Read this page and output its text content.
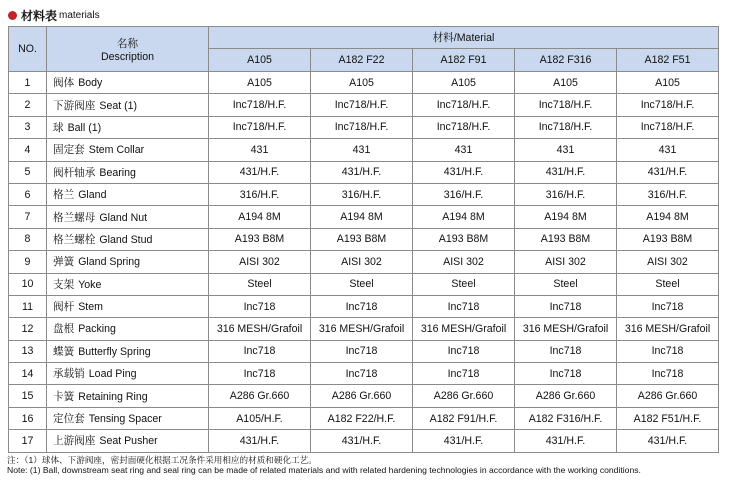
材料表 materials
NO.	名称
Description	材料/Material				
		A105	A182 F22	A182 F91	A182 F316	A182 F51
1	阀体 Body	A105	A105	A105	A105	A105
2	下游阀座 Seat (1)	Inc718/H.F.	Inc718/H.F.	Inc718/H.F.	Inc718/H.F.	Inc718/H.F.
3	球 Ball (1)	Inc718/H.F.	Inc718/H.F.	Inc718/H.F.	Inc718/H.F.	Inc718/H.F.
4	固定套 Stem Collar	431	431	431	431	431
5	阀杆轴承 Bearing	431/H.F.	431/H.F.	431/H.F.	431/H.F.	431/H.F.
6	格兰 Gland	316/H.F.	316/H.F.	316/H.F.	316/H.F.	316/H.F.
7	格兰螺母 Gland Nut	A194 8M	A194 8M	A194 8M	A194 8M	A194 8M
8	格兰螺栓 Gland Stud	A193 B8M	A193 B8M	A193 B8M	A193 B8M	A193 B8M
9	弹簧 Gland Spring	AISI 302	AISI 302	AISI 302	AISI 302	AISI 302
10	支架 Yoke	Steel	Steel	Steel	Steel	Steel
11	阀杆 Stem	Inc718	Inc718	Inc718	Inc718	Inc718
12	盘根 Packing	316 MESH/Grafoil	316 MESH/Grafoil	316 MESH/Grafoil	316 MESH/Grafoil	316 MESH/Grafoil
13	蝶簧 Butterfly Spring	Inc718	Inc718	Inc718	Inc718	Inc718
14	承载销 Load Ping	Inc718	Inc718	Inc718	Inc718	Inc718
15	卡簧 Retaining Ring	A286 Gr.660	A286 Gr.660	A286 Gr.660	A286 Gr.660	A286 Gr.660
16	定位套 Tensing Spacer	A105/H.F.	A182 F22/H.F.	A182 F91/H.F.	A182 F316/H.F.	A182 F51/H.F.
17	上游阀座 Seat Pusher	431/H.F.	431/H.F.	431/H.F.	431/H.F.	431/H.F.
注：（1）球体、下游阀座，密封面硬化根据工况条件采用相应的材质和硬化工艺。
Note: (1) Ball, downstream seat ring and seal ring can be made of related materials and with related hardening technologies in accordance with the working conditions.
